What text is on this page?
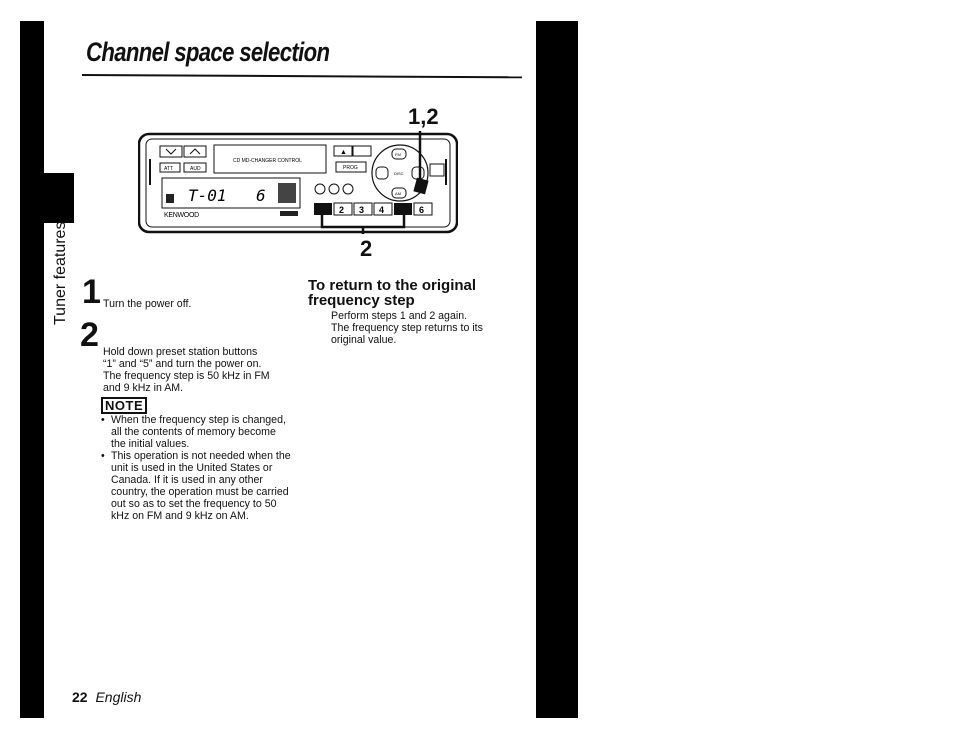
Channel space selection
Tuner features
1,2
2
ATT	AUD
CD MD-CHANGER CONTROL
T-01 6
KENWOOD
▲
PROG
FM
AM
DISC
2 3 4	6
1 Turn the power off.
2 Hold down preset station buttons
“1” and “5” and turn the power on.
The frequency step is 50 kHz in FM
and 9 kHz in AM.
NOTE
• When the frequency step is changed, all the contents of memory become the initial values.
• This operation is not needed when the unit is used in the United States or Canada. If it is used in any other country, the operation must be carried out so as to set the frequency to 50 kHz on FM and 9 kHz on AM.
To return to the original
frequency step
Perform steps 1 and 2 again.
The frequency step returns to its
original value.
22 English
